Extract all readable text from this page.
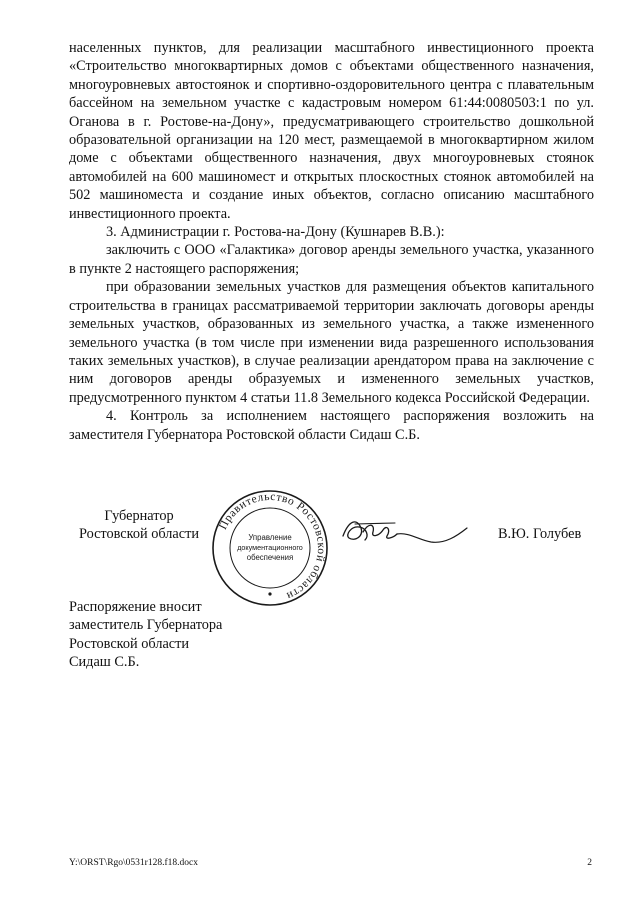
населенных пунктов, для реализации масштабного инвестиционного проекта «Строительство многоквартирных домов с объектами общественного назначения, многоуровневых автостоянок и спортивно-оздоровительного центра с плавательным бассейном на земельном участке с кадастровым номером 61:44:0080503:1 по ул. Оганова в г. Ростове-на-Дону», предусматривающего строительство дошкольной образовательной организации на 120 мест, размещаемой в многоквартирном жилом доме с объектами общественного назначения, двух многоуровневых стоянок автомобилей на 600 машиномест и открытых плоскостных стоянок автомобилей на 502 машиноместа и создание иных объектов, согласно описанию масштабного инвестиционного проекта.

3. Администрации г. Ростова-на-Дону (Кушнарев В.В.):

заключить с ООО «Галактика» договор аренды земельного участка, указанного в пункте 2 настоящего распоряжения;

при образовании земельных участков для размещения объектов капитального строительства в границах рассматриваемой территории заключать договоры аренды земельных участков, образованных из земельного участка, а также измененного земельного участка (в том числе при изменении вида разрешенного использования таких земельных участков), в случае реализации арендатором права на заключение с ним договоров аренды образуемых и измененного земельных участков, предусмотренного пунктом 4 статьи 11.8 Земельного кодекса Российской Федерации.

4. Контроль за исполнением настоящего распоряжения возложить на заместителя Губернатора Ростовской области Сидаш С.Б.

Губернатор
Ростовской области
Правительство Ростовской области
Управление
документационного
обеспечения
В.Ю. Голубев
Распоряжение вносит
заместитель Губернатора
Ростовской области
Сидаш С.Б.
Y:\ORST\Rgo\0531r128.f18.docx	2
